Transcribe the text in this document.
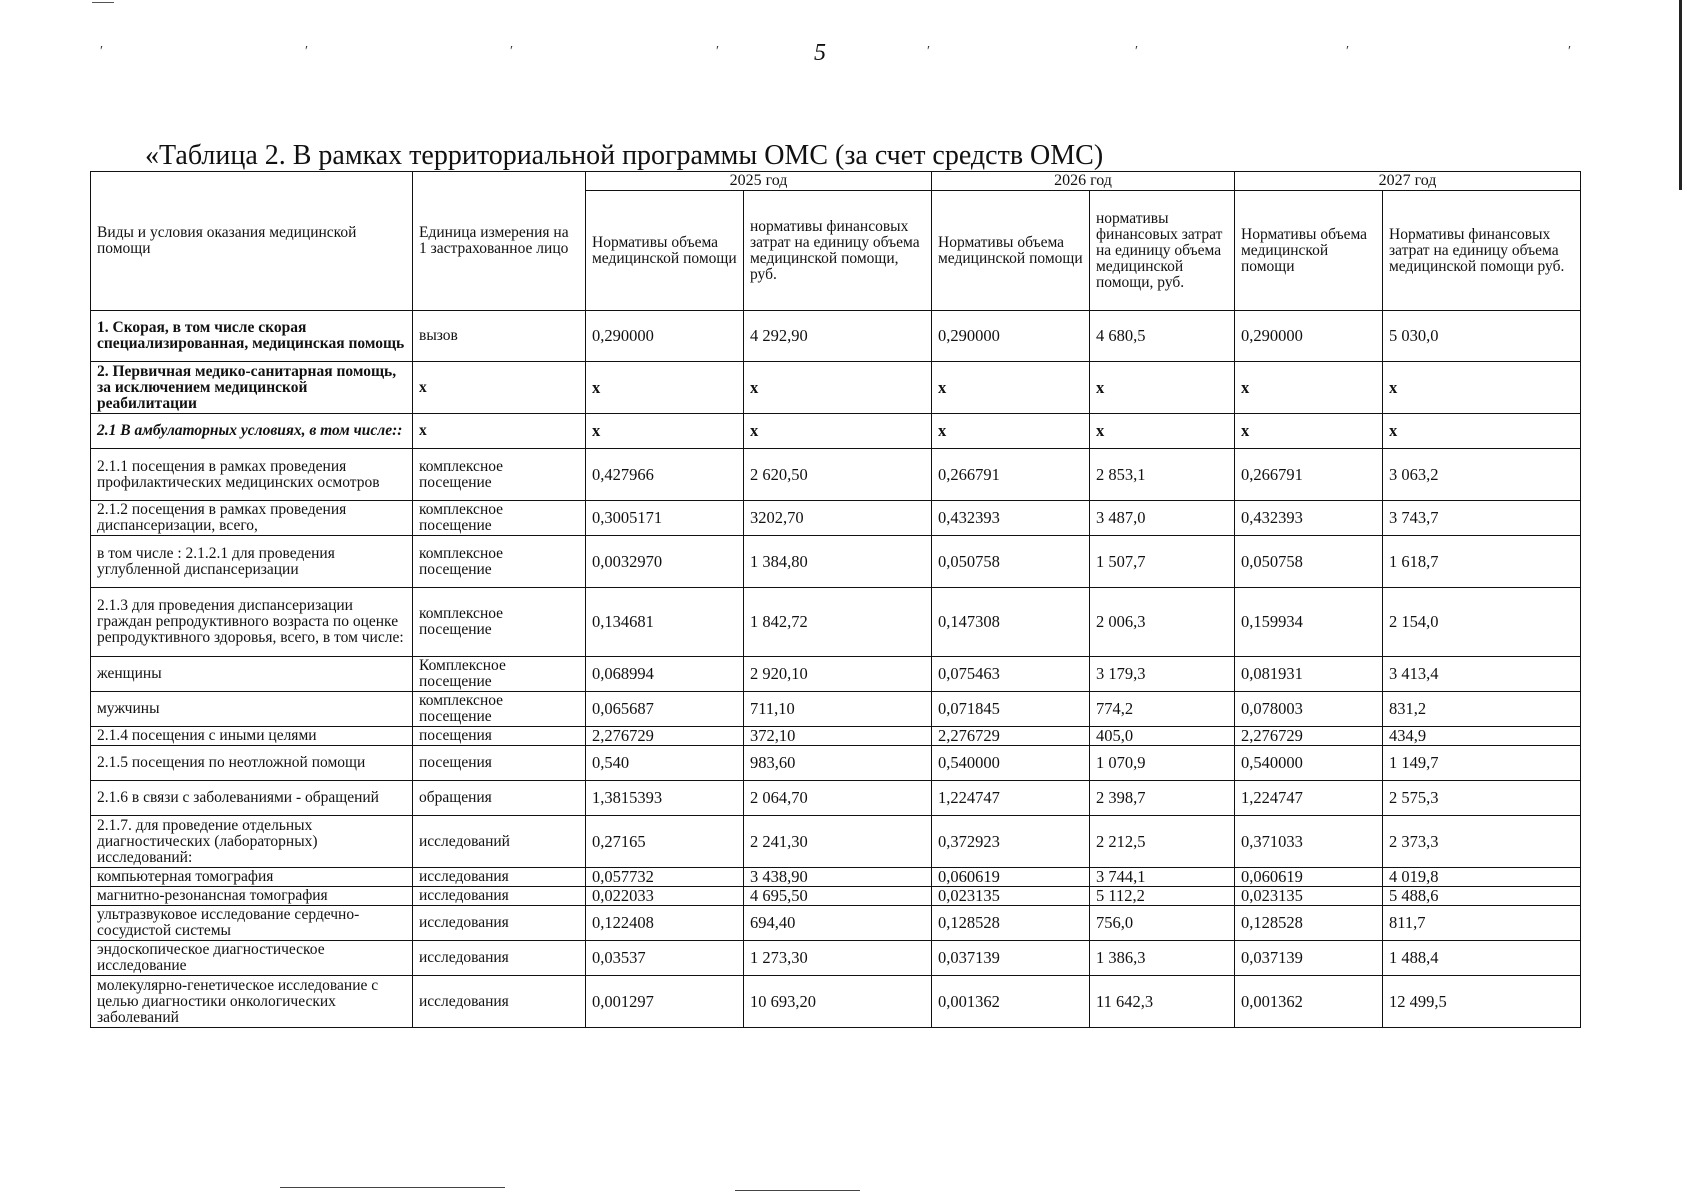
′	′	′	′	′	′	′	′
5
«Таблица 2. В рамках территориальной программы ОМС (за счет средств ОМС)
Виды и условия оказания медицинской помощи	Единица измерения на 1 застрахованное лицо	2025 год		2026 год		2027 год	
		Нормативы объема медицинской помощи	нормативы финансовых затрат на единицу объема медицинской помощи, руб.	Нормативы объема медицинской помощи	нормативы финансовых затрат на единицу объема медицинской помощи, руб.	Нормативы объема медицинской помощи	Нормативы финансовых затрат на единицу объема медицинской помощи руб.
1. Скорая, в том числе скорая специализированная, медицинская помощь	вызов	0,290000	4 292,90	0,290000	4 680,5	0,290000	5 030,0
2. Первичная медико-санитарная помощь, за исключением медицинской реабилитации	х	х	х	х	х	х	х
2.1 В амбулаторных условиях, в том числе::	х	х	х	х	х	х	х
2.1.1 посещения в рамках проведения профилактических медицинских осмотров	комплексное посещение	0,427966	2 620,50	0,266791	2 853,1	0,266791	3 063,2
2.1.2 посещения в рамках проведения диспансеризации, всего,	комплексное посещение	0,3005171	3202,70	0,432393	3 487,0	0,432393	3 743,7
в том числе : 2.1.2.1 для проведения углубленной диспансеризации	комплексное посещение	0,0032970	1 384,80	0,050758	1 507,7	0,050758	1 618,7
2.1.3 для проведения диспансеризации граждан репродуктивного возраста по оценке репродуктивного здоровья, всего, в том числе:	комплексное посещение	0,134681	1 842,72	0,147308	2 006,3	0,159934	2 154,0
женщины	Комплексное посещение	0,068994	2 920,10	0,075463	3 179,3	0,081931	3 413,4
мужчины	комплексное посещение	0,065687	711,10	0,071845	774,2	0,078003	831,2
2.1.4 посещения с иными целями	посещения	2,276729	372,10	2,276729	405,0	2,276729	434,9
2.1.5 посещения по неотложной помощи	посещения	0,540	983,60	0,540000	1 070,9	0,540000	1 149,7
2.1.6 в связи с заболеваниями - обращений	обращения	1,3815393	2 064,70	1,224747	2 398,7	1,224747	2 575,3
2.1.7. для проведение отдельных диагностических (лабораторных) исследований:	исследований	0,27165	2 241,30	0,372923	2 212,5	0,371033	2 373,3
компьютерная томография	исследования	0,057732	3 438,90	0,060619	3 744,1	0,060619	4 019,8
магнитно-резонансная томография	исследования	0,022033	4 695,50	0,023135	5 112,2	0,023135	5 488,6
ультразвуковое исследование сердечно-сосудистой системы	исследования	0,122408	694,40	0,128528	756,0	0,128528	811,7
эндоскопическое диагностическое исследование	исследования	0,03537	1 273,30	0,037139	1 386,3	0,037139	1 488,4
молекулярно-генетическое исследование с целью диагностики онкологических заболеваний	исследования	0,001297	10 693,20	0,001362	11 642,3	0,001362	12 499,5
